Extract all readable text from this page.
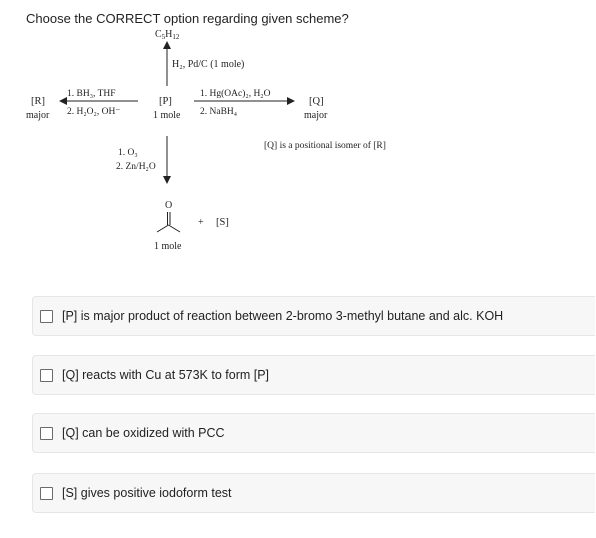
Choose the CORRECT option regarding given scheme?
$C_5H_{12}$
H₂, Pd/C (1 mole)
[P]
1 mole
1. BH₃, THF
2. H₂O₂, OH⁻
[R]
major
1. Hg(OAc)₂, H₂O
2. NaBH₄
[Q]
major
[Q] is a positional isomer of [R]
1. O₃
2. Zn/H₂O
O
+ [S]
1 mole
[P] is major product of reaction between 2-bromo 3-methyl butane and alc. KOH
[Q] reacts with Cu at 573K to form [P]
[Q] can be oxidized with PCC
[S] gives positive iodoform test
